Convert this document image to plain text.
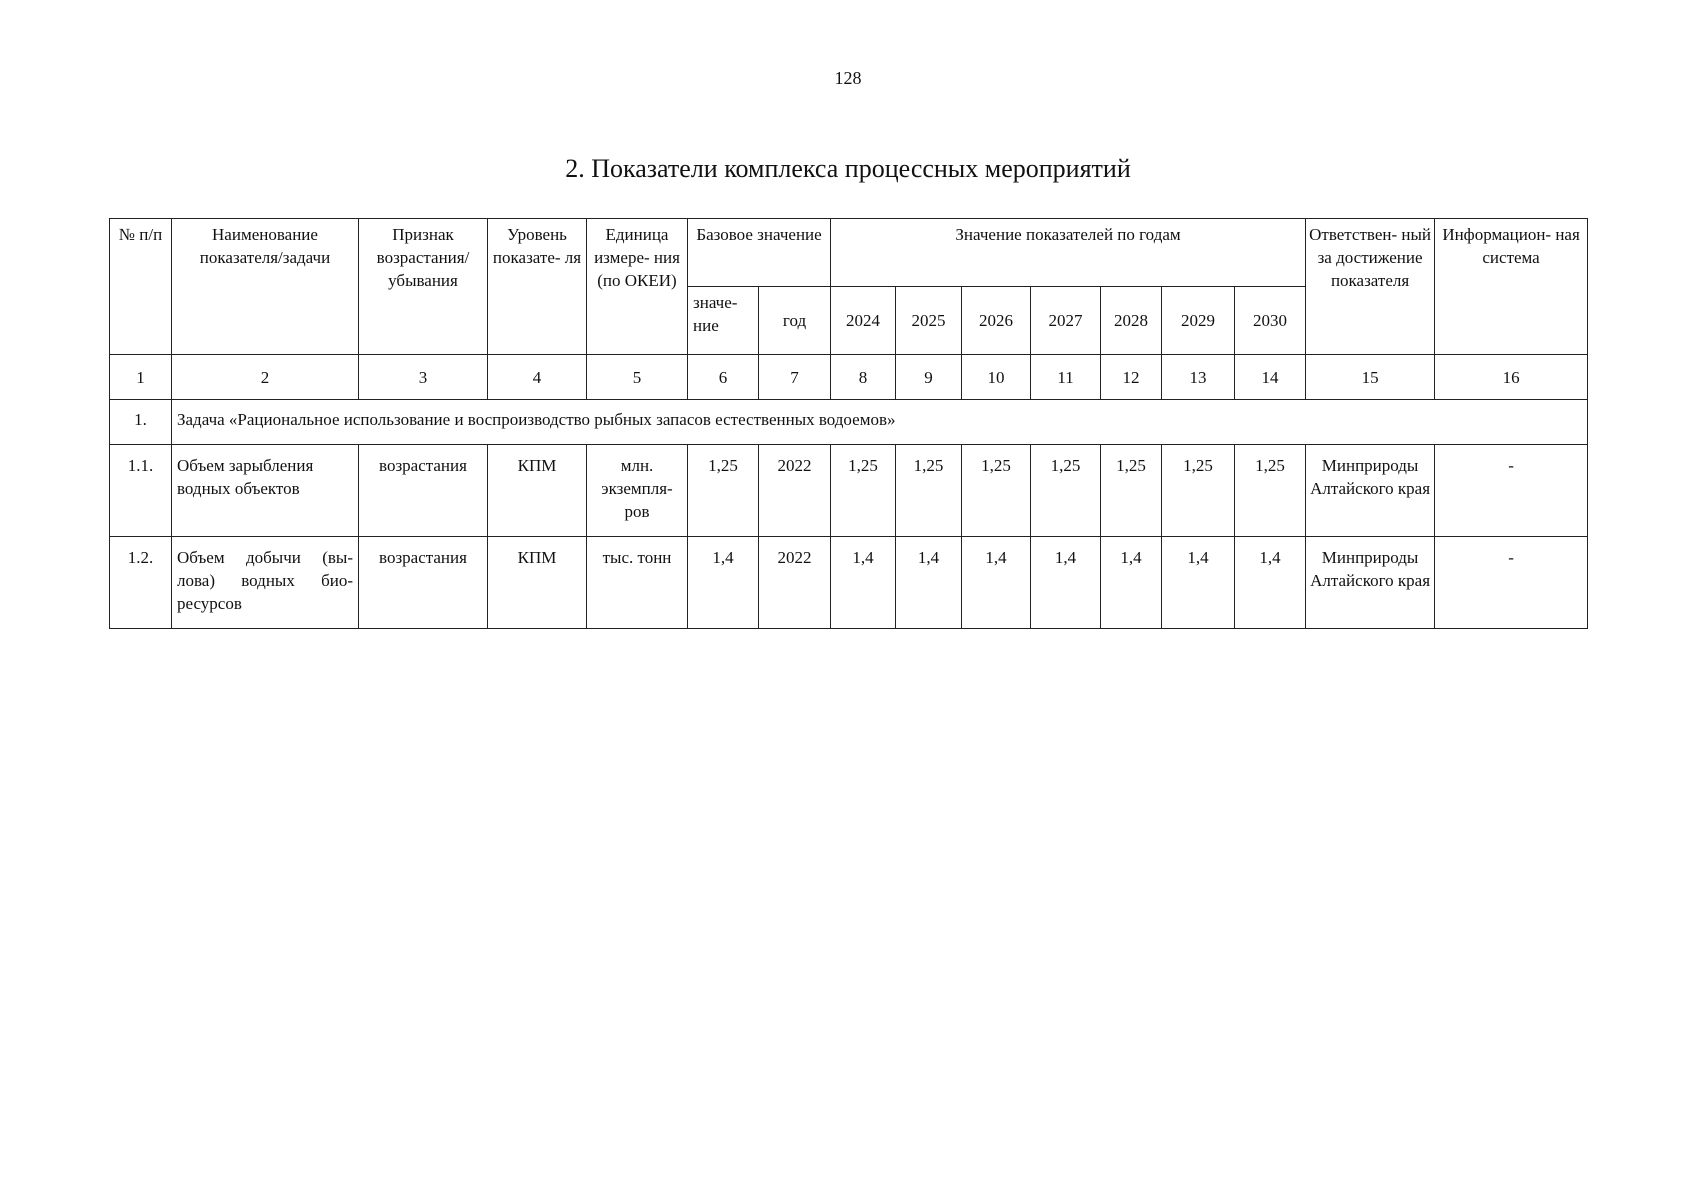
128
2. Показатели комплекса процессных мероприятий
№ п/п	Наименование показателя/задачи	Признак возрастания/ убывания	Уровень показате- ля	Единица измере- ния (по ОКЕИ)	Базовое значение		Значение показателей по годам							Ответствен- ный за достижение показателя	Информацион- ная система
					значе- ние	год	2024	2025	2026	2027	2028	2029	2030		
1	2	3	4	5	6	7	8	9	10	11	12	13	14	15	16
1.	Задача «Рациональное использование и воспроизводство рыбных запасов естественных водоемов»														
1.1.	Объем зарыбления водных объектов	возрастания	КПМ	млн. экземпля- ров	1,25	2022	1,25	1,25	1,25	1,25	1,25	1,25	1,25	Минприроды Алтайского края	-
1.2.	Объем добычи (вы- лова) водных био- ресурсов	возрастания	КПМ	тыс. тонн	1,4	2022	1,4	1,4	1,4	1,4	1,4	1,4	1,4	Минприроды Алтайского края	-
